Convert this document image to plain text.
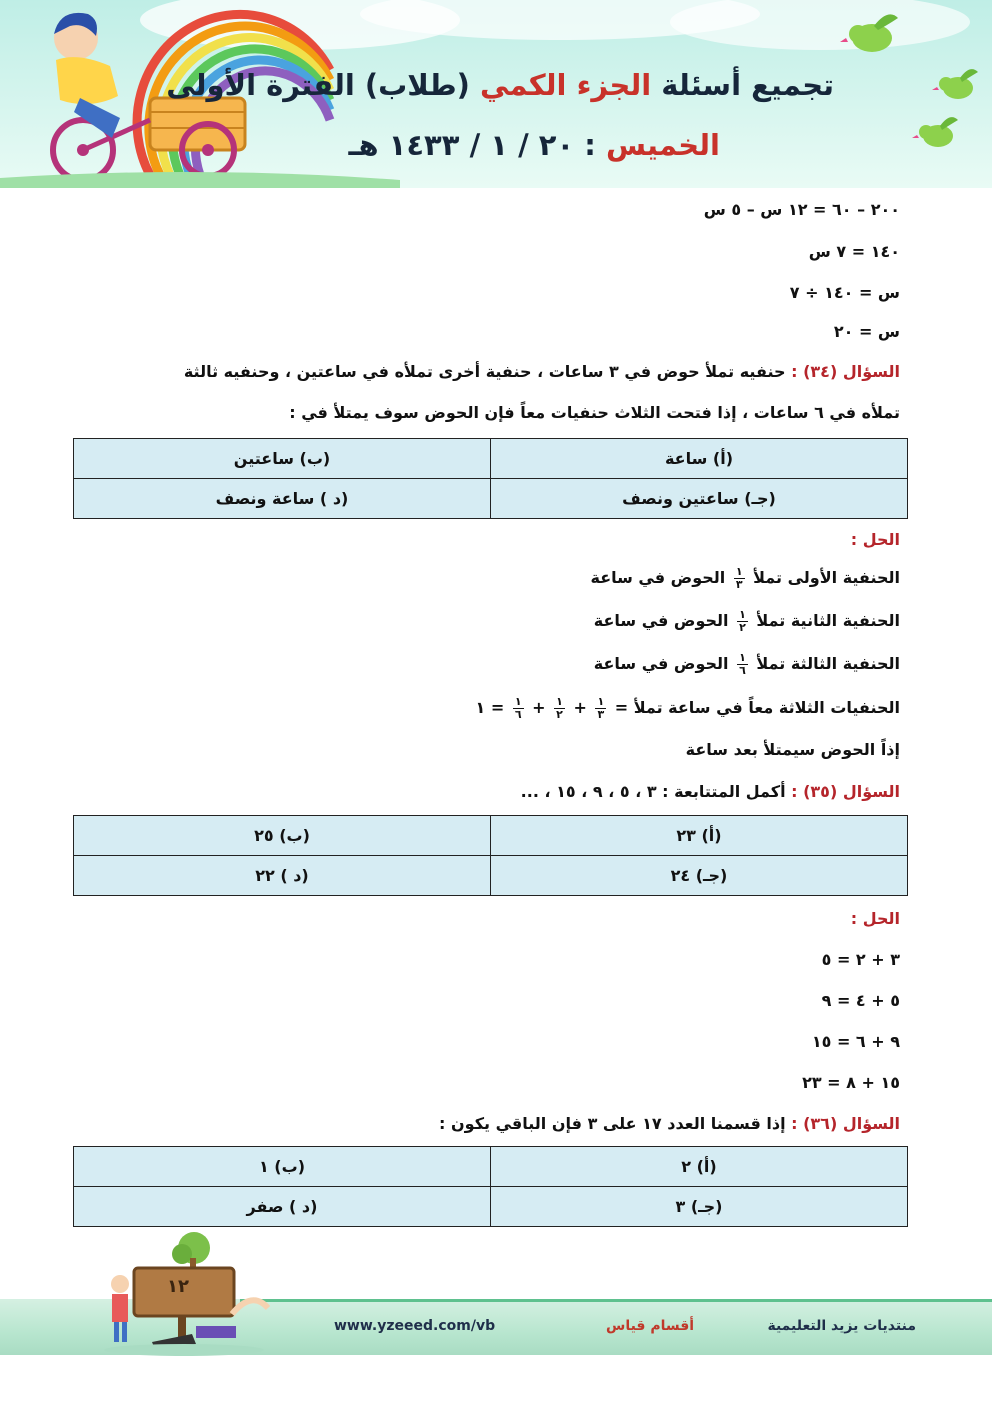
تجميع أسئلة الجزء الكمي (طلاب) الفترة الأولى
الخميس : ٢٠ / ١ / ١٤٣٣ هـ
٢٠٠ – ٦٠ = ١٢ س – ٥ س
١٤٠ = ٧ س
س = ١٤٠ ÷ ٧
س = ٢٠
السؤال (٣٤) : حنفيه تملأ حوض في ٣ ساعات ، حنفية أخرى تملأه في ساعتين ، وحنفيه ثالثة
تملأه في ٦ ساعات ، إذا فتحت الثلاث حنفيات معاً فإن الحوض سوف يمتلأ في :
(أ) ساعة	(ب) ساعتين
(جـ) ساعتين ونصف	(د ) ساعة ونصف
الحل :
الحنفية الأولى تملأ
$\frac{١}{٣}$
الحوض في ساعة
الحنفية الثانية تملأ
$\frac{١}{٢}$
الحوض في ساعة
الحنفية الثالثة تملأ
$\frac{١}{٦}$
الحوض في ساعة
الحنفيات الثلاثة معاً في ساعة تملأ =
$\frac{١}{٣}$
+
$\frac{١}{٢}$
+
$\frac{١}{٦}$
= ١
إذاً الحوض سيمتلأ بعد ساعة
السؤال (٣٥) : أكمل المتتابعة : ٣ ، ٥ ، ٩ ، ١٥ ، ...
(أ) ٢٣	(ب) ٢٥
(جـ) ٢٤	(د ) ٢٢
الحل :
٣ + ٢ = ٥
٥ + ٤ = ٩
٩ + ٦ = ١٥
١٥ + ٨ = ٢٣
السؤال (٣٦) : إذا قسمنا العدد ١٧ على ٣ فإن الباقي يكون :
(أ) ٢	(ب) ١
(جـ) ٣	(د ) صفر
١٢
www.yzeeed.com/vb	أقسام قياس	منتديات يزيد التعليمية
